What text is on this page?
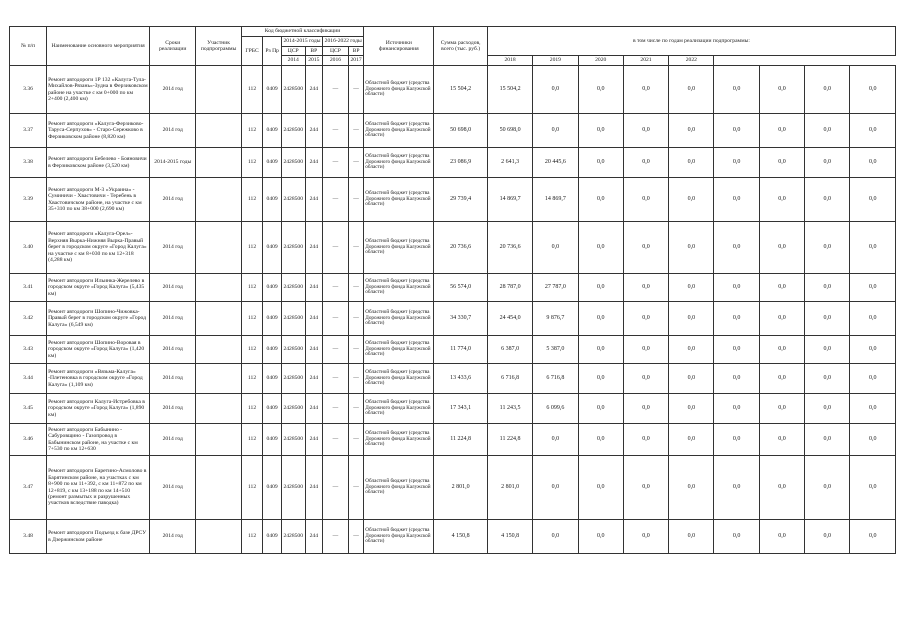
№ п/п	Наименование основного мероприятия	Сроки реализации	Участник подпрограммы	Код бюджетной классификации						Источники финансирования	Сумма расходов, всего (тыс. руб.)	в том числе по годам реализации подпрограммы:								
				ГРБС	Рз Пр	2014-2015 годы		2016-2022 годы												
						ЦСР	ВР	ЦСР	ВР											
						2014	2015	2016	2017			2018	2019	2020	2021	2022				
3.36	Ремонт автодороги 1Р 132 «Калуга-Тула-Михайлов-Рязань»-Зудна в Ферзиковском районе на участке с км 0+000 по км 2+400 (2,400 км)	2014 год		112	0409	2428500	244	—	—	Областной бюджет (средства Дорожного фонда Калужской области)	15 504,2	15 504,2	0,0	0,0	0,0	0,0	0,0	0,0	0,0	0,0
3.37	Ремонт автодороги «Калуга-Ферзиково-Таруса-Серпухов» - Старо-Сережково в Ферзиковском районе (8,820 км)	2014 год		112	0409	2428500	244	—	—	Областной бюджет (средства Дорожного фонда Калужской области)	50 698,0	50 698,0	0,0	0,0	0,0	0,0	0,0	0,0	0,0	0,0
3.38	Ремонт автодороги Бебелево - Бояновичи в Ферзиковском районе (3,520 км)	2014-2015 годы		112	0409	2428500	244	—	—	Областной бюджет (средства Дорожного фонда Калужской области)	23 086,9	2 641,3	20 445,6	0,0	0,0	0,0	0,0	0,0	0,0	0,0
3.39	Ремонт автодороги М-3 «Украина» - Суминичи - Хвастовичи - Теребень в Хвастовичском районе, на участке с км 35+310 по км 38+000 (2,690 км)	2014 год		112	0409	2428500	244	—	—	Областной бюджет (средства Дорожного фонда Калужской области)	29 739,4	14 869,7	14 869,7	0,0	0,0	0,0	0,0	0,0	0,0	0,0
3.40	Ремонт автодороги «Калуга-Орел»-Верхняя Вырка-Нижняя Вырка-Правый берег в городском округе «Город Калуга» на участке с км 8+030 по км 12+318 (4,288 км)	2014 год		112	0409	2428500	244	—	—	Областной бюджет (средства Дорожного фонда Калужской области)	20 736,6	20 736,6	0,0	0,0	0,0	0,0	0,0	0,0	0,0	0,0
3.41	Ремонт автодороги Ильинка-Жерелево в городском округе «Город Калуга» (5,435 км)	2014 год		112	0409	2428500	244	—	—	Областной бюджет (средства Дорожного фонда Калужской области)	56 574,0	28 787,0	27 787,0	0,0	0,0	0,0	0,0	0,0	0,0	0,0
3.42	Ремонт автодороги Шопино-Чижовка-Правый берег в городском округе «Город Калуга» (6,549 км)	2014 год		112	0409	2428500	244	—	—	Областной бюджет (средства Дорожного фонда Калужской области)	34 330,7	24 454,0	9 876,7	0,0	0,0	0,0	0,0	0,0	0,0	0,0
3.43	Ремонт автодороги Шопино-Воровая в городском округе «Город Калуга» (1,420 км)	2014 год		112	0409	2428500	244	—	—	Областной бюджет (средства Дорожного фонда Калужской области)	11 774,0	6 387,0	5 387,0	0,0	0,0	0,0	0,0	0,0	0,0	0,0
3.44	Ремонт автодороги «Вязьма-Калуга» -Плетеновка в городском округе «Город Калуга» (1,109 км)	2014 год		112	0409	2428500	244	—	—	Областной бюджет (средства Дорожного фонда Калужской области)	13 433,6	6 716,8	6 716,8	0,0	0,0	0,0	0,0	0,0	0,0	0,0
3.45	Ремонт автодороги Калуга-Истребовка в городском округе «Город Калуга» (1,890 км)	2014 год		112	0409	2428500	244	—	—	Областной бюджет (средства Дорожного фонда Калужской области)	17 343,1	11 243,5	6 099,6	0,0	0,0	0,0	0,0	0,0	0,0	0,0
3.46	Ремонт автодороги Бабынино - Сабуровщино - Газопровод в Бабынинском районе, на участке с км 7+530 по км 12+630	2014 год		112	0409	2428500	244	—	—	Областной бюджет (средства Дорожного фонда Калужской области)	11 224,8	11 224,8	0,0	0,0	0,0	0,0	0,0	0,0	0,0	0,0
3.47	Ремонт автодороги Баретино-Асмолово в Барятинском районе, на участках с км 8+900 по км 11+392, с км 11+872 по км 12+819, с км 13+188 по км 14+510 (ремонт размытых и разрушенных участков вследствие паводка)	2014 год		112	0409	2428500	244	—	—	Областной бюджет (средства Дорожного фонда Калужской области)	2 801,0	2 801,0	0,0	0,0	0,0	0,0	0,0	0,0	0,0	0,0
3.48	Ремонт автодороги Подъезд к базе ДРСУ в Дзержинском районе	2014 год		112	0409	2428500	244	—	—	Областной бюджет (средства Дорожного фонда Калужской области)	4 150,8	4 150,8	0,0	0,0	0,0	0,0	0,0	0,0	0,0	0,0
